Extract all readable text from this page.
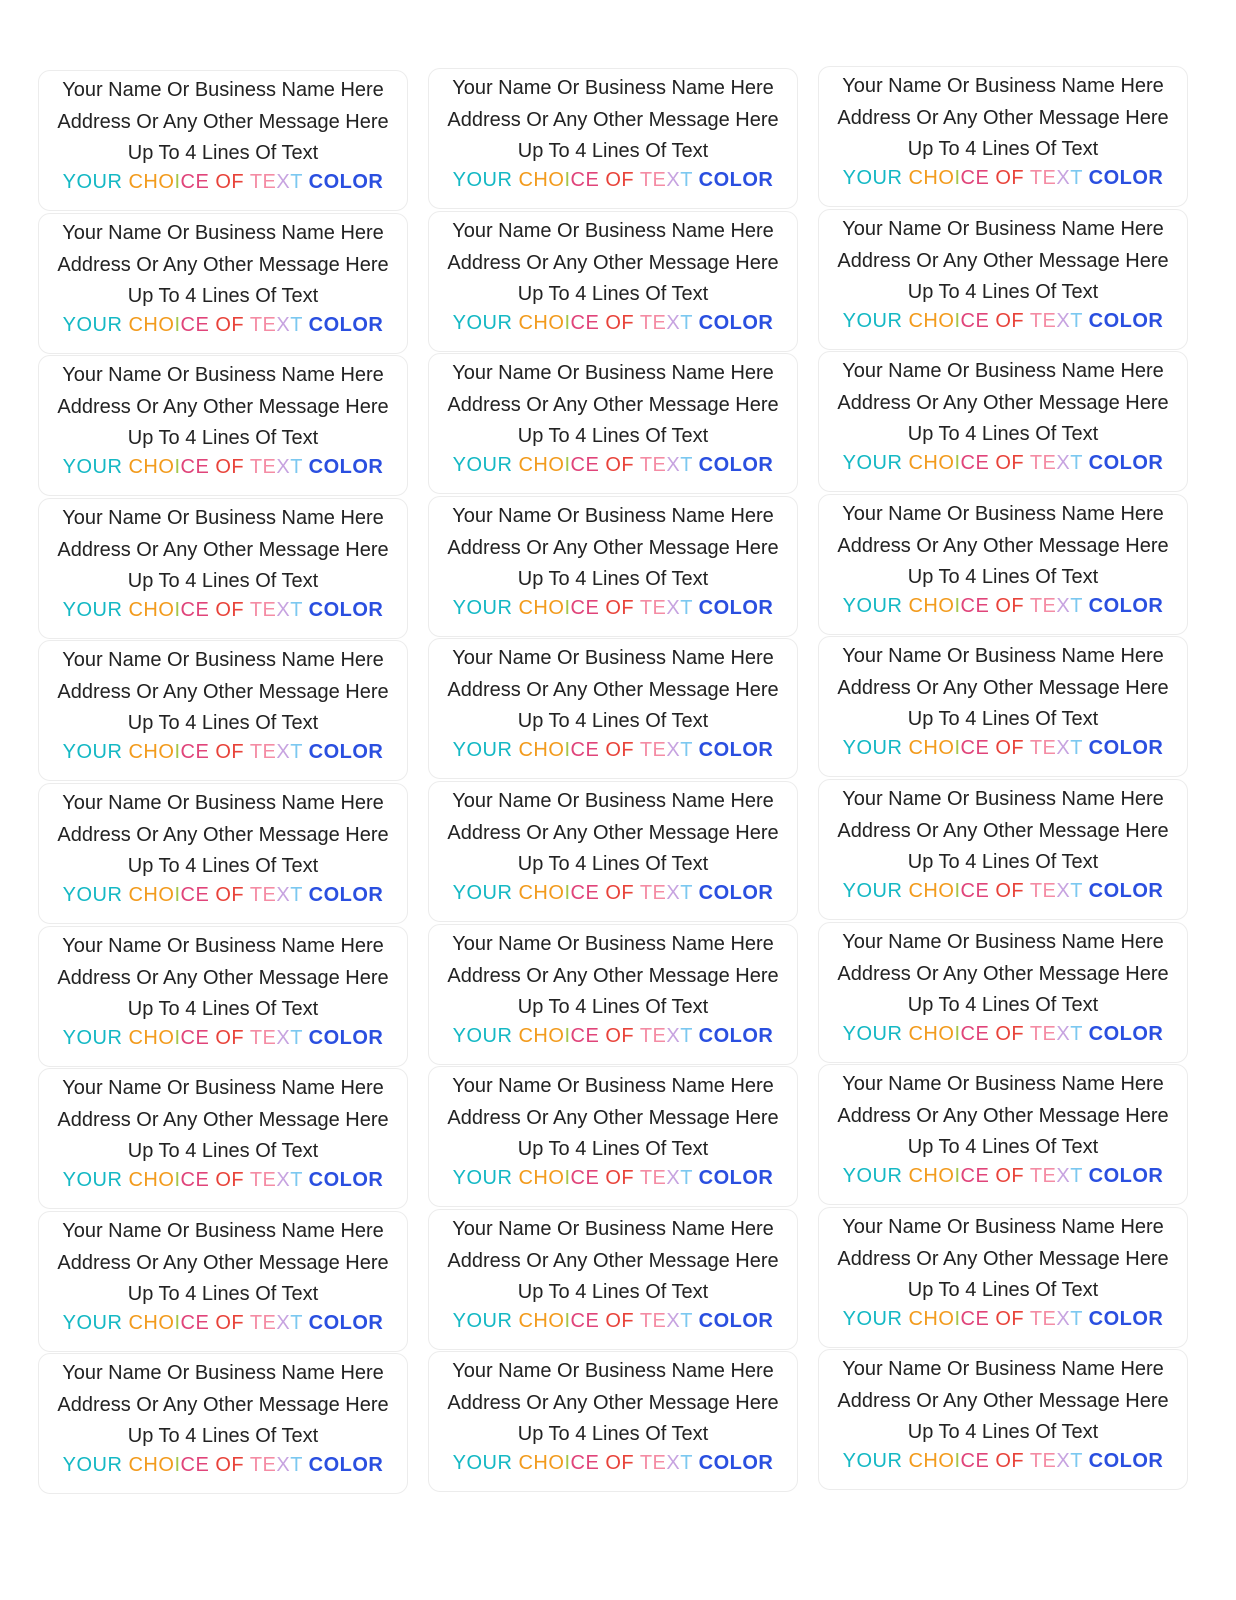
Your Name Or Business Name Here
Address Or Any Other Message Here
Up To 4 Lines Of Text
YOUR CHOICE OF TEXT COLOR
Your Name Or Business Name Here
Address Or Any Other Message Here
Up To 4 Lines Of Text
YOUR CHOICE OF TEXT COLOR
Your Name Or Business Name Here
Address Or Any Other Message Here
Up To 4 Lines Of Text
YOUR CHOICE OF TEXT COLOR
Your Name Or Business Name Here
Address Or Any Other Message Here
Up To 4 Lines Of Text
YOUR CHOICE OF TEXT COLOR
Your Name Or Business Name Here
Address Or Any Other Message Here
Up To 4 Lines Of Text
YOUR CHOICE OF TEXT COLOR
Your Name Or Business Name Here
Address Or Any Other Message Here
Up To 4 Lines Of Text
YOUR CHOICE OF TEXT COLOR
Your Name Or Business Name Here
Address Or Any Other Message Here
Up To 4 Lines Of Text
YOUR CHOICE OF TEXT COLOR
Your Name Or Business Name Here
Address Or Any Other Message Here
Up To 4 Lines Of Text
YOUR CHOICE OF TEXT COLOR
Your Name Or Business Name Here
Address Or Any Other Message Here
Up To 4 Lines Of Text
YOUR CHOICE OF TEXT COLOR
Your Name Or Business Name Here
Address Or Any Other Message Here
Up To 4 Lines Of Text
YOUR CHOICE OF TEXT COLOR
Your Name Or Business Name Here
Address Or Any Other Message Here
Up To 4 Lines Of Text
YOUR CHOICE OF TEXT COLOR
Your Name Or Business Name Here
Address Or Any Other Message Here
Up To 4 Lines Of Text
YOUR CHOICE OF TEXT COLOR
Your Name Or Business Name Here
Address Or Any Other Message Here
Up To 4 Lines Of Text
YOUR CHOICE OF TEXT COLOR
Your Name Or Business Name Here
Address Or Any Other Message Here
Up To 4 Lines Of Text
YOUR CHOICE OF TEXT COLOR
Your Name Or Business Name Here
Address Or Any Other Message Here
Up To 4 Lines Of Text
YOUR CHOICE OF TEXT COLOR
Your Name Or Business Name Here
Address Or Any Other Message Here
Up To 4 Lines Of Text
YOUR CHOICE OF TEXT COLOR
Your Name Or Business Name Here
Address Or Any Other Message Here
Up To 4 Lines Of Text
YOUR CHOICE OF TEXT COLOR
Your Name Or Business Name Here
Address Or Any Other Message Here
Up To 4 Lines Of Text
YOUR CHOICE OF TEXT COLOR
Your Name Or Business Name Here
Address Or Any Other Message Here
Up To 4 Lines Of Text
YOUR CHOICE OF TEXT COLOR
Your Name Or Business Name Here
Address Or Any Other Message Here
Up To 4 Lines Of Text
YOUR CHOICE OF TEXT COLOR
Your Name Or Business Name Here
Address Or Any Other Message Here
Up To 4 Lines Of Text
YOUR CHOICE OF TEXT COLOR
Your Name Or Business Name Here
Address Or Any Other Message Here
Up To 4 Lines Of Text
YOUR CHOICE OF TEXT COLOR
Your Name Or Business Name Here
Address Or Any Other Message Here
Up To 4 Lines Of Text
YOUR CHOICE OF TEXT COLOR
Your Name Or Business Name Here
Address Or Any Other Message Here
Up To 4 Lines Of Text
YOUR CHOICE OF TEXT COLOR
Your Name Or Business Name Here
Address Or Any Other Message Here
Up To 4 Lines Of Text
YOUR CHOICE OF TEXT COLOR
Your Name Or Business Name Here
Address Or Any Other Message Here
Up To 4 Lines Of Text
YOUR CHOICE OF TEXT COLOR
Your Name Or Business Name Here
Address Or Any Other Message Here
Up To 4 Lines Of Text
YOUR CHOICE OF TEXT COLOR
Your Name Or Business Name Here
Address Or Any Other Message Here
Up To 4 Lines Of Text
YOUR CHOICE OF TEXT COLOR
Your Name Or Business Name Here
Address Or Any Other Message Here
Up To 4 Lines Of Text
YOUR CHOICE OF TEXT COLOR
Your Name Or Business Name Here
Address Or Any Other Message Here
Up To 4 Lines Of Text
YOUR CHOICE OF TEXT COLOR
